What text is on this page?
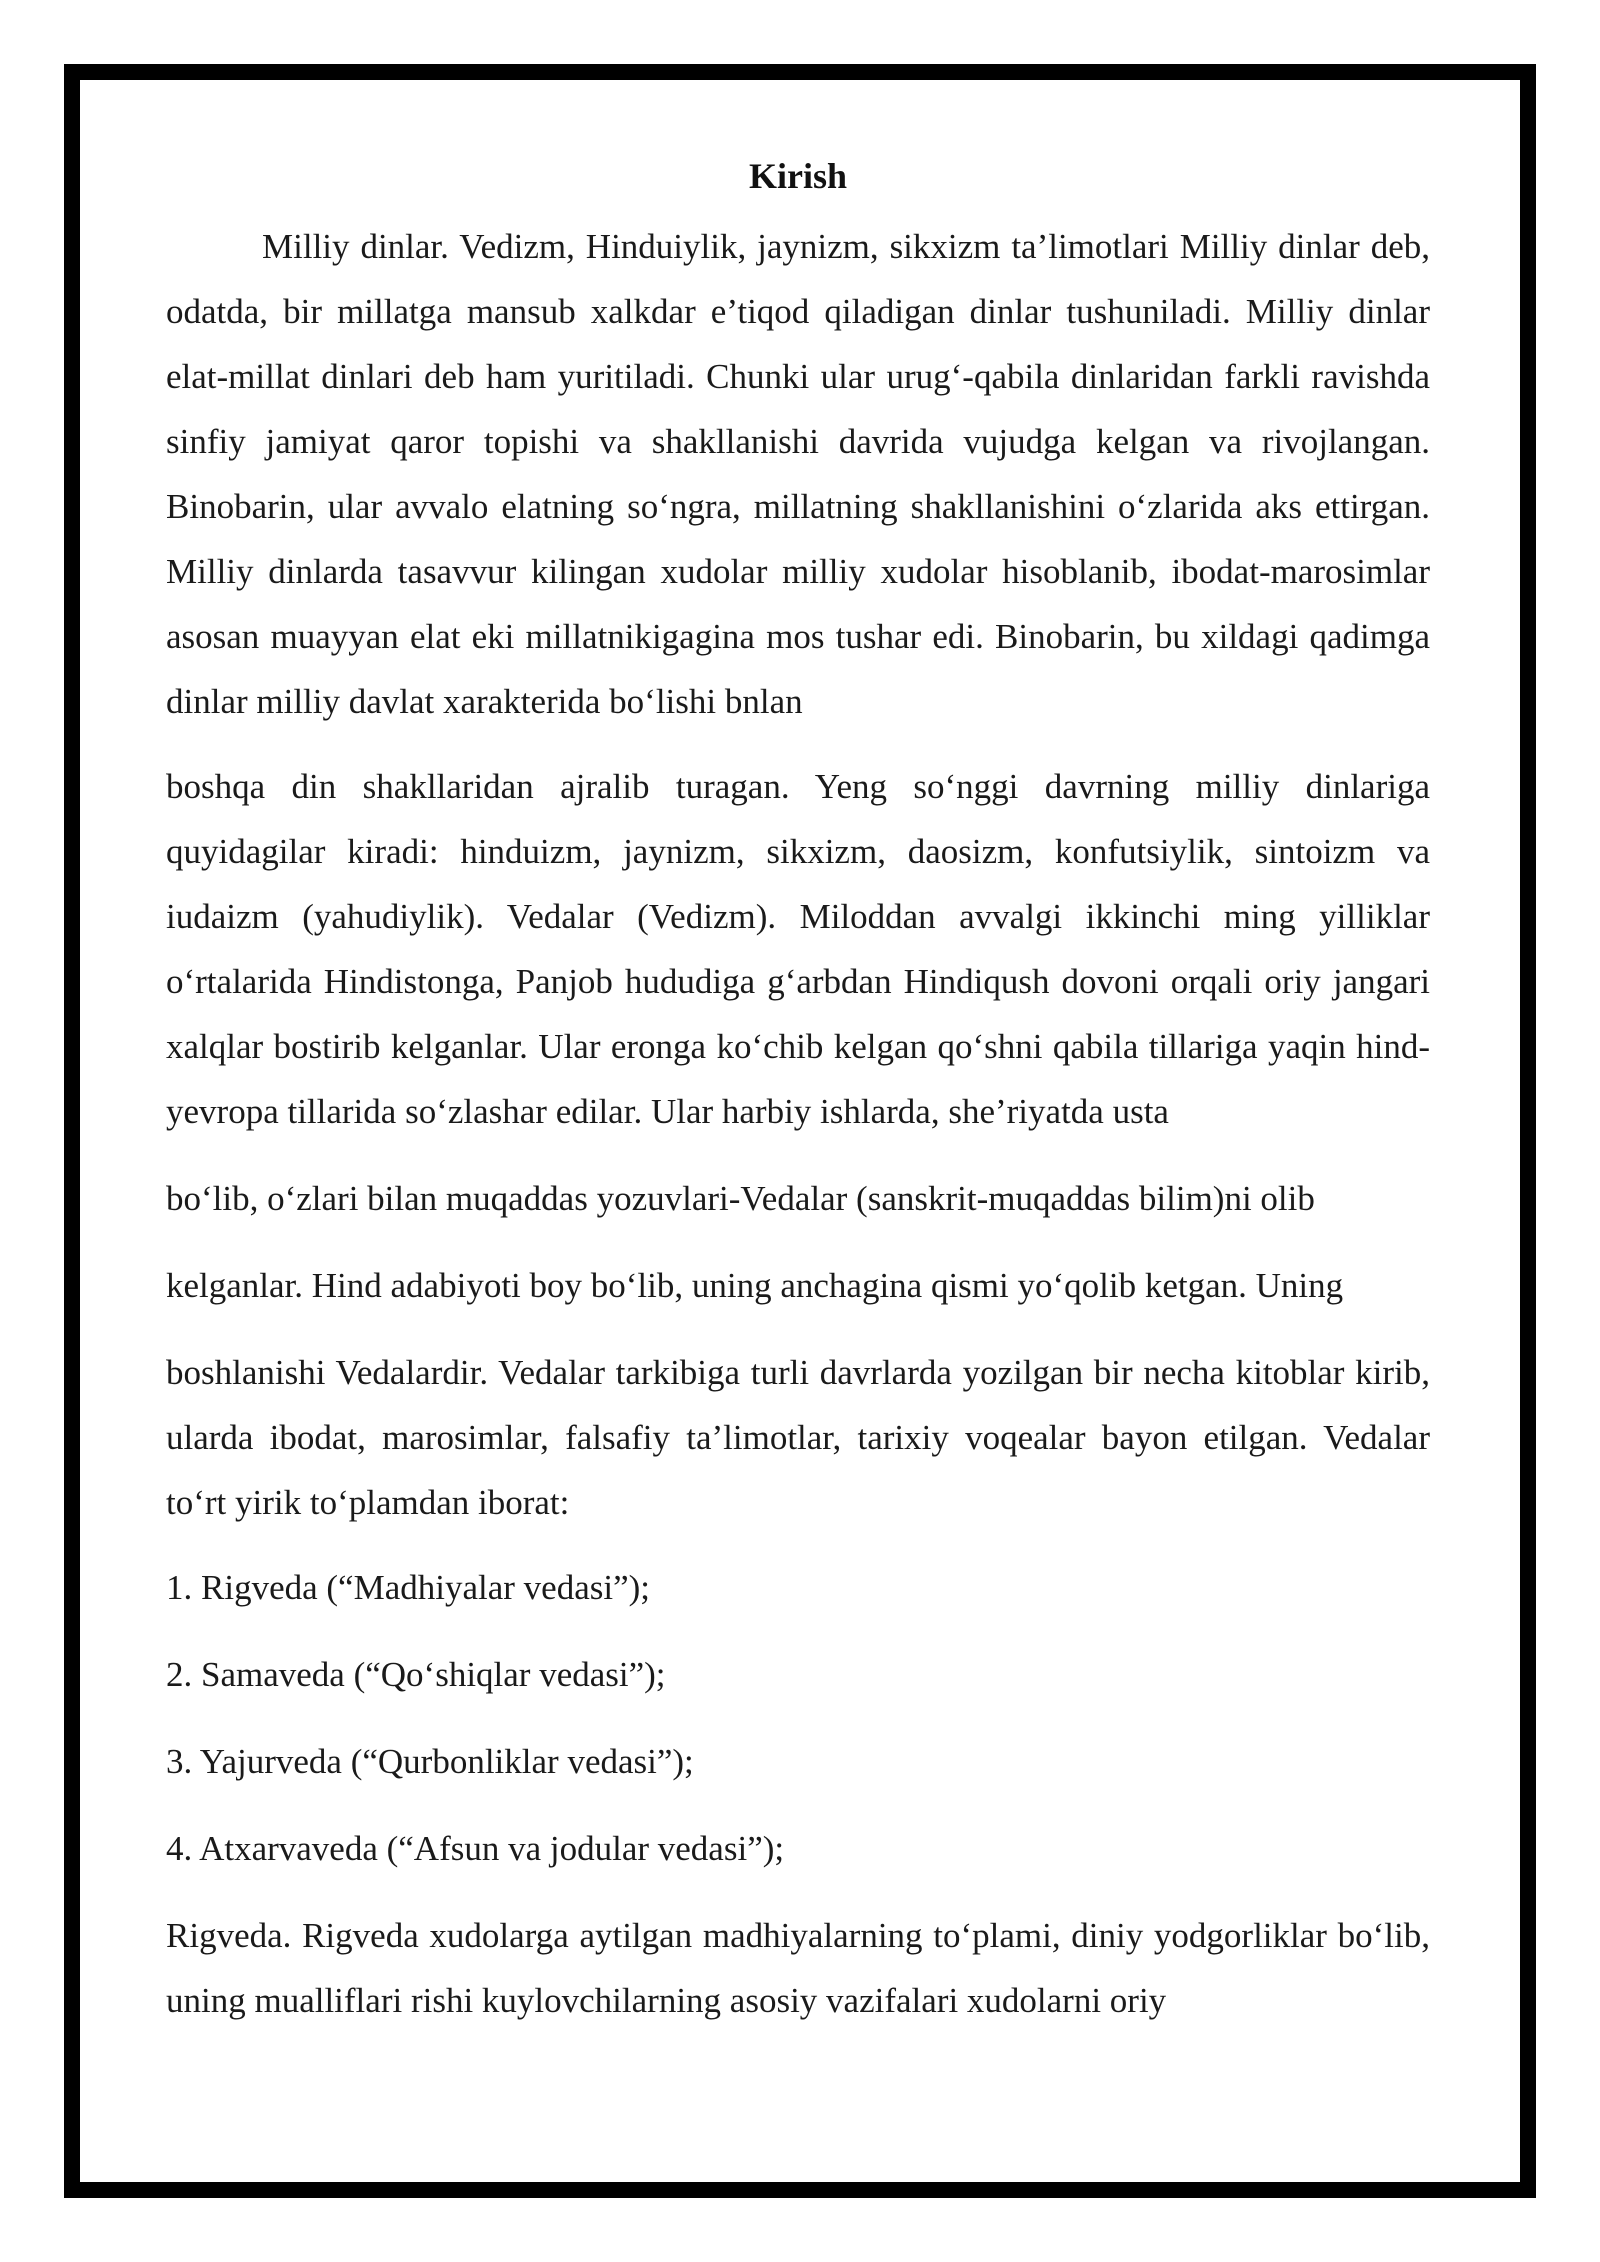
Kirish

Milliy dinlar. Vedizm, Hinduiylik, jaynizm, sikxizm ta’limotlari Milliy dinlar deb, odatda, bir millatga mansub xalkdar e’tiqod qiladigan dinlar tushuniladi. Milliy dinlar elat-millat dinlari deb ham yuritiladi. Chunki ular urug‘-qabila dinlaridan farkli ravishda sinfiy jamiyat qaror topishi va shakllanishi davrida vujudga kelgan va rivojlangan. Binobarin, ular avvalo elatning so‘ngra, millatning shakllanishini o‘zlarida aks ettirgan. Milliy dinlarda tasavvur kilingan xudolar milliy xudolar hisoblanib, ibodat-marosimlar asosan muayyan elat eki millatnikigagina mos tushar edi. Binobarin, bu xildagi qadimga dinlar milliy davlat xarakterida bo‘lishi bnlan

boshqa din shakllaridan ajralib turagan. Yeng so‘nggi davrning milliy dinlariga quyidagilar kiradi: hinduizm, jaynizm, sikxizm, daosizm, konfutsiylik, sintoizm va iudaizm (yahudiylik). Vedalar (Vedizm). Miloddan avvalgi ikkinchi ming yilliklar o‘rtalarida Hindistonga, Panjob hududiga g‘arbdan Hindiqush dovoni orqali oriy jangari xalqlar bostirib kelganlar. Ular eronga ko‘chib kelgan qo‘shni qabila tillariga yaqin hind-yevropa tillarida so‘zlashar edilar. Ular harbiy ishlarda, she’riyatda usta

bo‘lib, o‘zlari bilan muqaddas yozuvlari-Vedalar (sanskrit-muqaddas bilim)ni olib

kelganlar. Hind adabiyoti boy bo‘lib, uning anchagina qismi yo‘qolib ketgan. Uning

boshlanishi Vedalardir. Vedalar tarkibiga turli davrlarda yozilgan bir necha kitoblar kirib, ularda ibodat, marosimlar, falsafiy ta’limotlar, tarixiy voqealar bayon etilgan. Vedalar to‘rt yirik to‘plamdan iborat:

1. Rigveda (“Madhiyalar vedasi”);
2. Samaveda (“Qo‘shiqlar vedasi”);
3. Yajurveda (“Qurbonliklar vedasi”);
4. Atxarvaveda (“Afsun va jodular vedasi”);

Rigveda. Rigveda xudolarga aytilgan madhiyalarning to‘plami, diniy yodgorliklar bo‘lib, uning mualliflari rishi kuylovchilarning asosiy vazifalari xudolarni oriy
